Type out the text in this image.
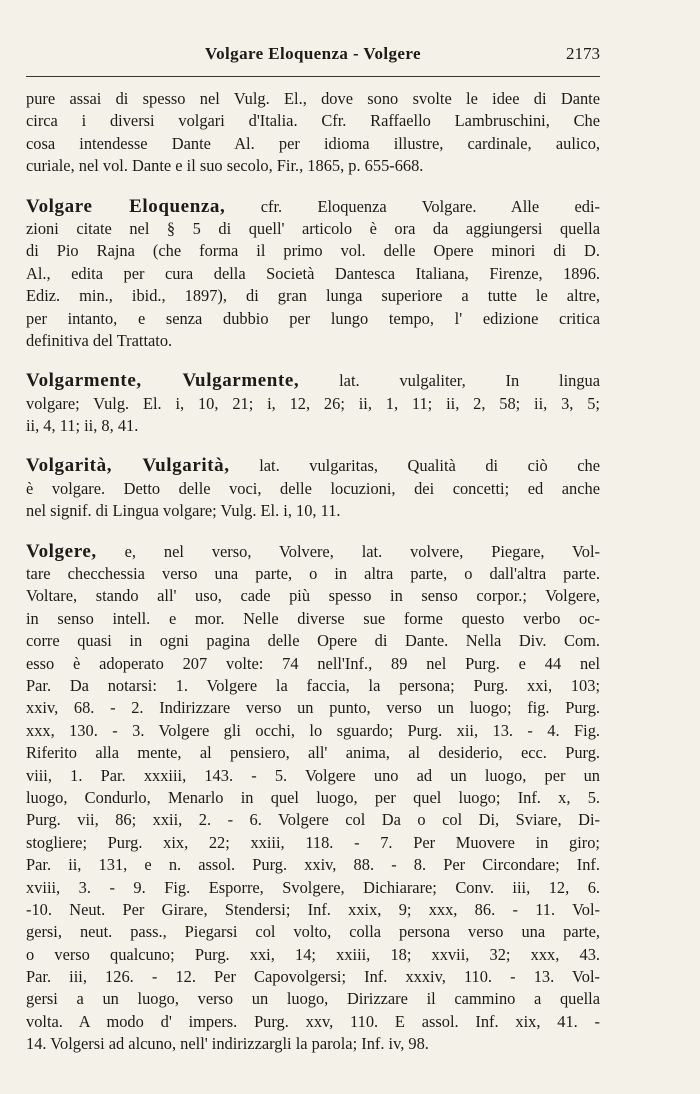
Volgare Eloquenza - Volgere	2173
pure assai di spesso nel Vulg. El., dove sono svolte le idee di Dante
circa i diversi volgari d'Italia. Cfr. Raffaello Lambruschini, Che
cosa intendesse Dante Al. per idioma illustre, cardinale, aulico,
curiale, nel vol. Dante e il suo secolo, Fir., 1865, p. 655-668.
Volgare Eloquenza, cfr. Eloquenza Volgare. Alle edi-
zioni citate nel § 5 di quell' articolo è ora da aggiungersi quella
di Pio Rajna (che forma il primo vol. delle Opere minori di D.
Al., edita per cura della Società Dantesca Italiana, Firenze, 1896.
Ediz. min., ibid., 1897), di gran lunga superiore a tutte le altre,
per intanto, e senza dubbio per lungo tempo, l' edizione critica
definitiva del Trattato.
Volgarmente, Vulgarmente, lat. vulgaliter, In lingua
volgare; Vulg. El. i, 10, 21; i, 12, 26; ii, 1, 11; ii, 2, 58; ii, 3, 5;
ii, 4, 11; ii, 8, 41.
Volgarità, Vulgarità, lat. vulgaritas, Qualità di ciò che
è volgare. Detto delle voci, delle locuzioni, dei concetti; ed anche
nel signif. di Lingua volgare; Vulg. El. i, 10, 11.
Volgere, e, nel verso, Volvere, lat. volvere, Piegare, Vol-
tare checchessia verso una parte, o in altra parte, o dall'altra parte.
Voltare, stando all' uso, cade più spesso in senso corpor.; Volgere,
in senso intell. e mor. Nelle diverse sue forme questo verbo oc-
corre quasi in ogni pagina delle Opere di Dante. Nella Div. Com.
esso è adoperato 207 volte: 74 nell'Inf., 89 nel Purg. e 44 nel
Par. Da notarsi: 1. Volgere la faccia, la persona; Purg. xxi, 103;
xxiv, 68. - 2. Indirizzare verso un punto, verso un luogo; fig. Purg.
xxx, 130. - 3. Volgere gli occhi, lo sguardo; Purg. xii, 13. - 4. Fig.
Riferito alla mente, al pensiero, all' anima, al desiderio, ecc. Purg.
viii, 1. Par. xxxiii, 143. - 5. Volgere uno ad un luogo, per un
luogo, Condurlo, Menarlo in quel luogo, per quel luogo; Inf. x, 5.
Purg. vii, 86; xxii, 2. - 6. Volgere col Da o col Di, Sviare, Di-
stogliere; Purg. xix, 22; xxiii, 118. - 7. Per Muovere in giro;
Par. ii, 131, e n. assol. Purg. xxiv, 88. - 8. Per Circondare; Inf.
xviii, 3. - 9. Fig. Esporre, Svolgere, Dichiarare; Conv. iii, 12, 6.
-10. Neut. Per Girare, Stendersi; Inf. xxix, 9; xxx, 86. - 11. Vol-
gersi, neut. pass., Piegarsi col volto, colla persona verso una parte,
o verso qualcuno; Purg. xxi, 14; xxiii, 18; xxvii, 32; xxx, 43.
Par. iii, 126. - 12. Per Capovolgersi; Inf. xxxiv, 110. - 13. Vol-
gersi a un luogo, verso un luogo, Dirizzare il cammino a quella
volta. A modo d' impers. Purg. xxv, 110. E assol. Inf. xix, 41. -
14. Volgersi ad alcuno, nell' indirizzargli la parola; Inf. iv, 98.
